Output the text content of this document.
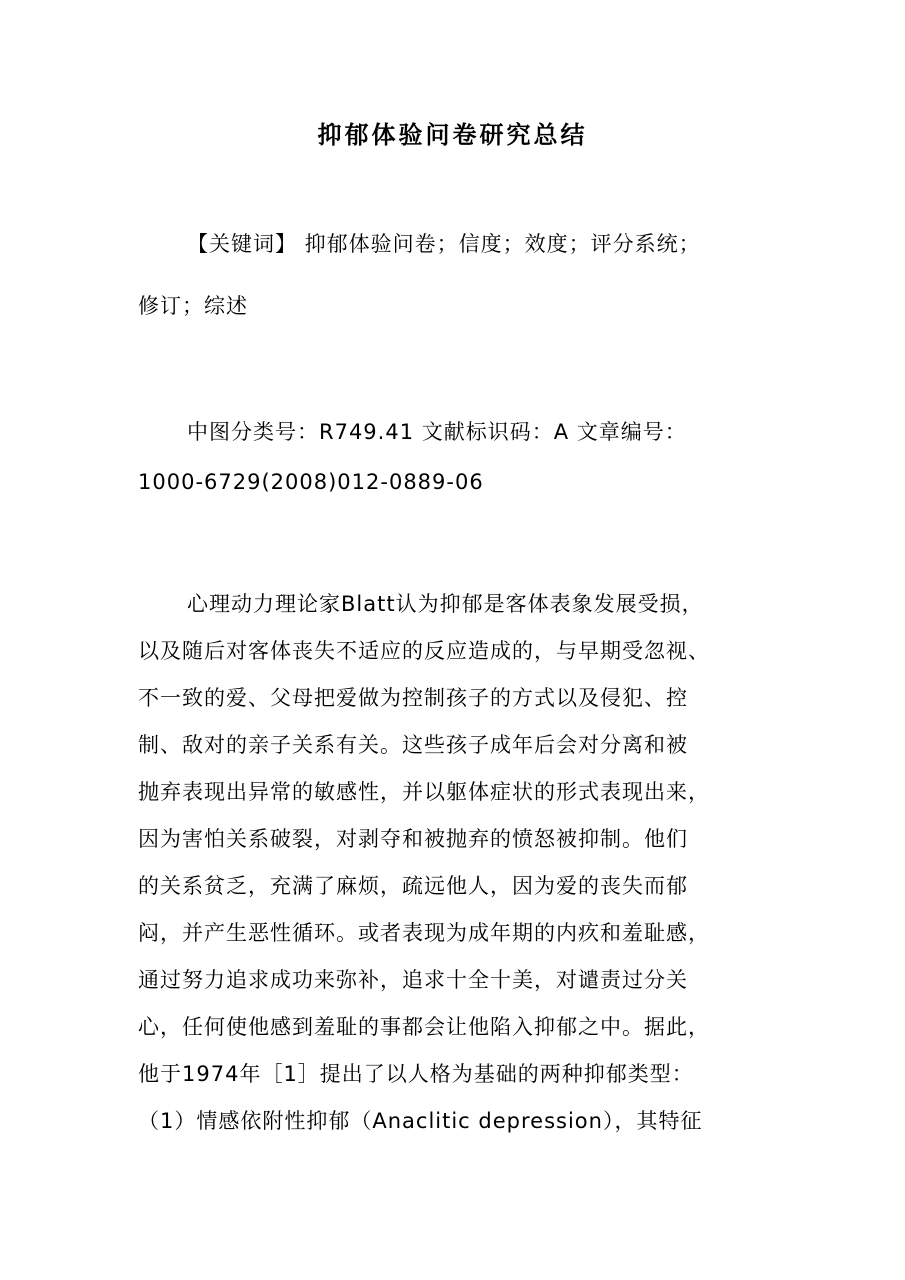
抑郁体验问卷研究总结

【关键词】 抑郁体验问卷；信度；效度；评分系统；

修订；综述

中图分类号：R749.41 文献标识码：A 文章编号：

1000-6729(2008)012-0889-06

心理动力理论家Blatt认为抑郁是客体表象发展受损，

以及随后对客体丧失不适应的反应造成的，与早期受忽视、

不一致的爱、父母把爱做为控制孩子的方式以及侵犯、控

制、敌对的亲子关系有关。这些孩子成年后会对分离和被

抛弃表现出异常的敏感性，并以躯体症状的形式表现出来，

因为害怕关系破裂，对剥夺和被抛弃的愤怒被抑制。他们

的关系贫乏，充满了麻烦，疏远他人，因为爱的丧失而郁

闷，并产生恶性循环。或者表现为成年期的内疚和羞耻感，

通过努力追求成功来弥补，追求十全十美，对谴责过分关

心，任何使他感到羞耻的事都会让他陷入抑郁之中。据此，

他于1974年［1］提出了以人格为基础的两种抑郁类型：

（1）情感依附性抑郁（Anaclitic depression），其特征
